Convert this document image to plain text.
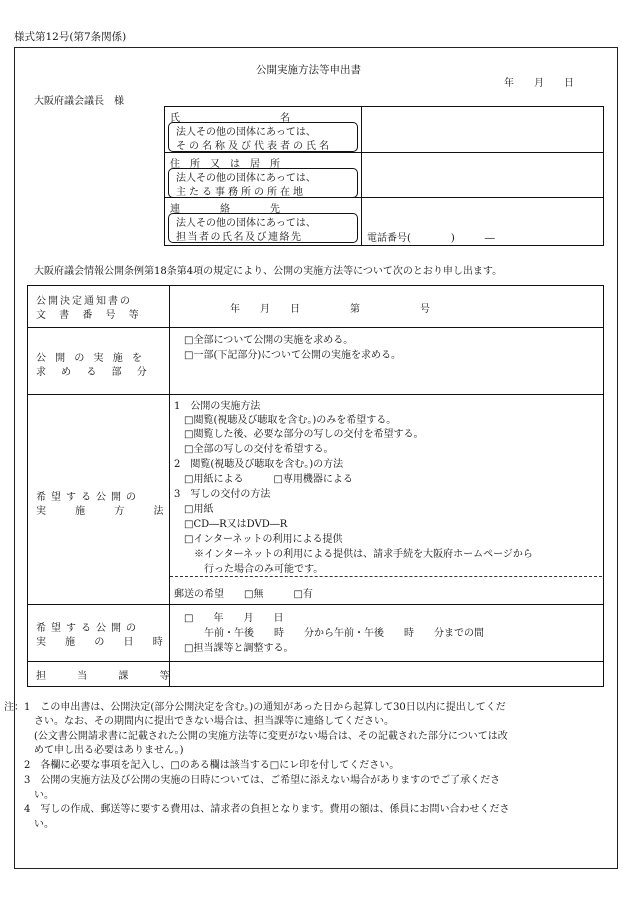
様式第12号(第7条関係)
公開実施方法等申出書
年　　月　　日
大阪府議会議長　様
氏　　　　　　　　　　名
法人その他の団体にあっては、
その名称及び代表者の氏名
住　所　又　は　居　所
法人その他の団体にあっては、
主たる事務所の所在地
連　　　　絡　　　　先
法人その他の団体にあっては、
担当者の氏名及び連絡先	電話番号(　　　　)　　　―
大阪府議会情報公開条例第18条第4項の規定により、公開の実施方法等について次のとおり申し出ます。
公開決定通知書の
文 書 番 号 等
年　　月　　日　　　　　第　　　　　　号
公 開 の 実 施 を
求 め る 部 分
□全部について公開の実施を求める。
□一部(下記部分)について公開の実施を求める。
希望する公開の
実 施 方 法
1　公開の実施方法
　□閲覧(視聴及び聴取を含む。)のみを希望する。
　□閲覧した後、必要な部分の写しの交付を希望する。
　□全部の写しの交付を希望する。
2　閲覧(視聴及び聴取を含む。)の方法
　□用紙による　　　□専用機器による
3　写しの交付の方法
　□用紙
　□CD―R又はDVD―R
　□インターネットの利用による提供
　　※インターネットの利用による提供は、請求手続を大阪府ホームページから
　　　行った場合のみ可能です。
郵送の希望　　□無　　　□有
希望する公開の
実 施 の 日 時
□　　年　　月　　日
　　午前・午後　　時　　分から午前・午後　　時　　分までの間
□担当課等と調整する。
担 当 課 等
注：1　この申出書は、公開決定(部分公開決定を含む。)の通知があった日から起算して30日以内に提出してくだ
　　　さい。なお、その期間内に提出できない場合は、担当課等に連絡してください。
　　　(公文書公開請求書に記載された公開の実施方法等に変更がない場合は、その記載された部分については改
　　　めて申し出る必要はありません。)
　　2　各欄に必要な事項を記入し、□のある欄は該当する□にレ印を付してください。
　　3　公開の実施方法及び公開の実施の日時については、ご希望に添えない場合がありますのでご了承くださ
　　　い。
　　4　写しの作成、郵送等に要する費用は、請求者の負担となります。費用の額は、係員にお問い合わせくださ
　　　い。
